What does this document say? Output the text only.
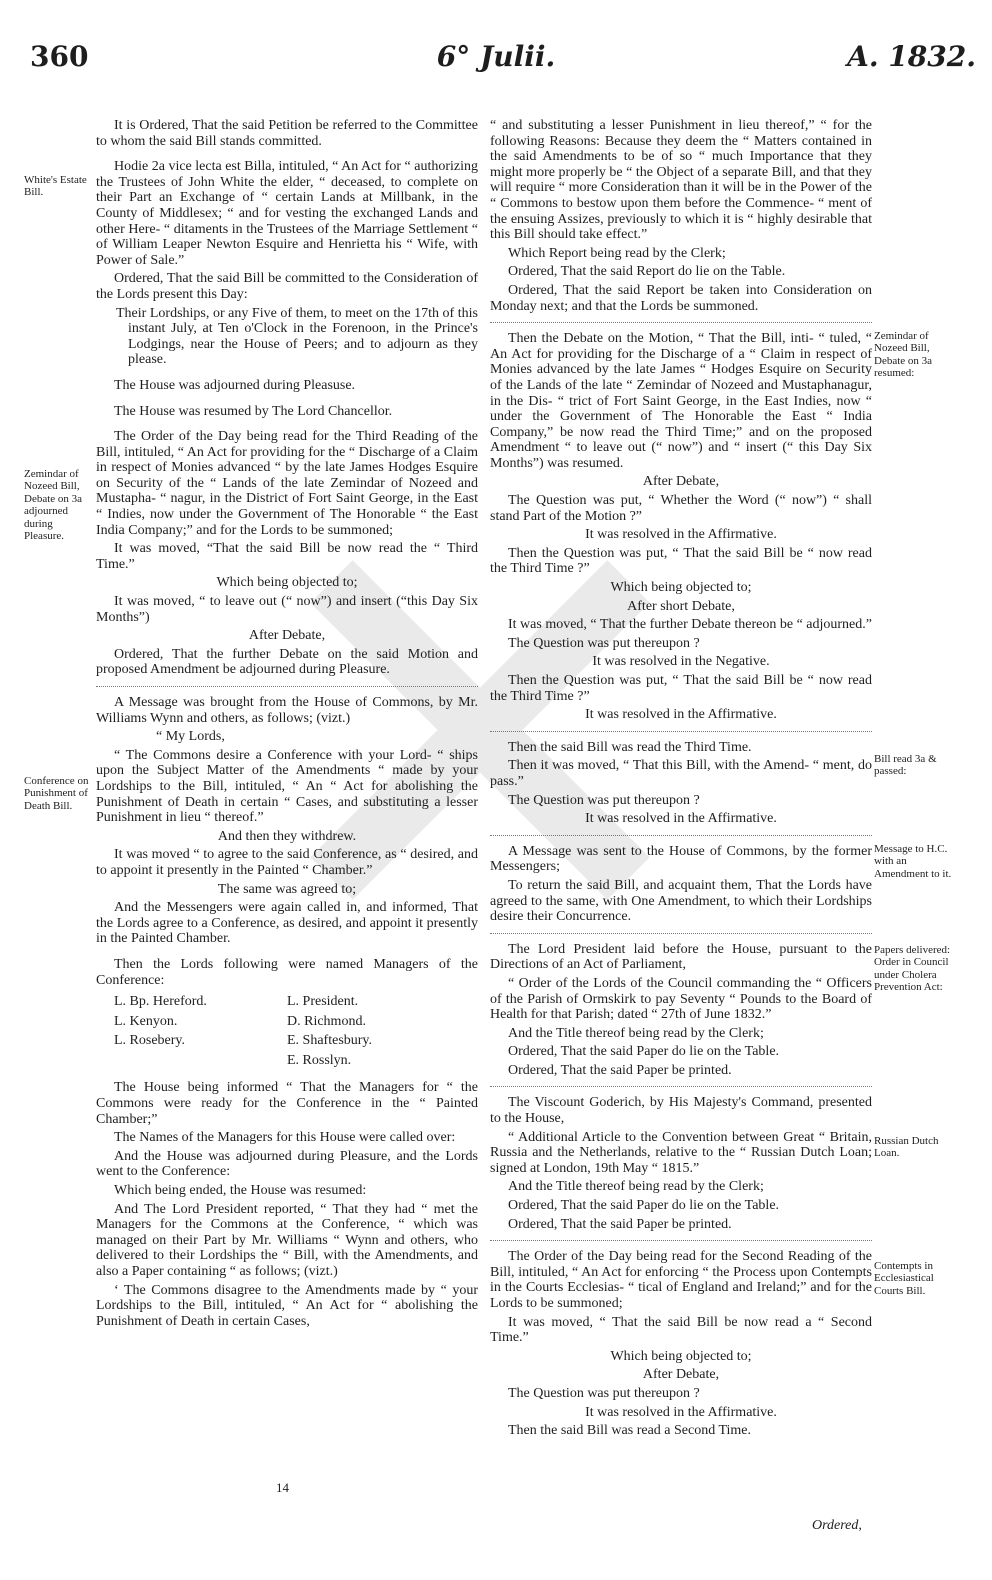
6° Julii.
360	A. 1832.
White's Estate Bill.
Zemindar of Nozeed Bill, Debate on 3a adjourned during Pleasure.
Conference on Punishment of Death Bill.
Zemindar of Nozeed Bill, Debate on 3a resumed:
Bill read 3a & passed:
Message to H.C. with an Amendment to it.
Papers delivered: Order in Council under Cholera Prevention Act:
Russian Dutch Loan.
Contempts in Ecclesiastical Courts Bill.

It is Ordered, That the said Petition be referred to the Committee to whom the said Bill stands committed.

Hodie 2a vice lecta est Billa, intituled, “ An Act for “ authorizing the Trustees of John White the elder, “ deceased, to complete on their Part an Exchange of “ certain Lands at Millbank, in the County of Middlesex; “ and for vesting the exchanged Lands and other Here- “ ditaments in the Trustees of the Marriage Settlement “ of William Leaper Newton Esquire and Henrietta his “ Wife, with Power of Sale.”

Ordered, That the said Bill be committed to the Consideration of the Lords present this Day:

Their Lordships, or any Five of them, to meet on the 17th of this instant July, at Ten o'Clock in the Forenoon, in the Prince's Lodgings, near the House of Peers; and to adjourn as they please.

The House was adjourned during Pleasuse.

The House was resumed by The Lord Chancellor.

The Order of the Day being read for the Third Reading of the Bill, intituled, “ An Act for providing for the “ Discharge of a Claim in respect of Monies advanced “ by the late James Hodges Esquire on Security of the “ Lands of the late Zemindar of Nozeed and Mustapha- “ nagur, in the District of Fort Saint George, in the East “ Indies, now under the Government of The Honorable “ the East India Company;” and for the Lords to be summoned;

It was moved, “That the said Bill be now read the “ Third Time.”

Which being objected to;

It was moved, “ to leave out (“ now”) and insert (“this Day Six Months”)

After Debate,

Ordered, That the further Debate on the said Motion and proposed Amendment be adjourned during Pleasure.

A Message was brought from the House of Commons, by Mr. Williams Wynn and others, as follows; (vizt.)

“ My Lords,

“ The Commons desire a Conference with your Lord- “ ships upon the Subject Matter of the Amendments “ made by your Lordships to the Bill, intituled, “ An “ Act for abolishing the Punishment of Death in certain “ Cases, and substituting a lesser Punishment in lieu “ thereof.”

And then they withdrew.

It was moved “ to agree to the said Conference, as “ desired, and to appoint it presently in the Painted “ Chamber.”

The same was agreed to;

And the Messengers were again called in, and informed, That the Lords agree to a Conference, as desired, and appoint it presently in the Painted Chamber.

Then the Lords following were named Managers of the Conference:

L. Bp. Hereford.
L. Kenyon.
L. Rosebery.
L. President.
D. Richmond.
E. Shaftesbury.
E. Rosslyn.

The House being informed “ That the Managers for “ the Commons were ready for the Conference in the “ Painted Chamber;”

The Names of the Managers for this House were called over:

And the House was adjourned during Pleasure, and the Lords went to the Conference:

Which being ended, the House was resumed:

And The Lord President reported, “ That they had “ met the Managers for the Commons at the Conference, “ which was managed on their Part by Mr. Williams “ Wynn and others, who delivered to their Lordships the “ Bill, with the Amendments, and also a Paper containing “ as follows; (vizt.)

‘ The Commons disagree to the Amendments made by “ your Lordships to the Bill, intituled, “ An Act for “ abolishing the Punishment of Death in certain Cases,

“ and substituting a lesser Punishment in lieu thereof,” “ for the following Reasons: Because they deem the “ Matters contained in the said Amendments to be of so “ much Importance that they might more properly be “ the Object of a separate Bill, and that they will require “ more Consideration than it will be in the Power of the “ Commons to bestow upon them before the Commence- “ ment of the ensuing Assizes, previously to which it is “ highly desirable that this Bill should take effect.”

Which Report being read by the Clerk;

Ordered, That the said Report do lie on the Table.

Ordered, That the said Report be taken into Consideration on Monday next; and that the Lords be summoned.

Then the Debate on the Motion, “ That the Bill, inti- “ tuled, “ An Act for providing for the Discharge of a “ Claim in respect of Monies advanced by the late James “ Hodges Esquire on Security of the Lands of the late “ Zemindar of Nozeed and Mustaphanagur, in the Dis- “ trict of Fort Saint George, in the East Indies, now “ under the Government of The Honorable the East “ India Company,” be now read the Third Time;” and on the proposed Amendment “ to leave out (“ now”) and “ insert (“ this Day Six Months”) was resumed.

After Debate,

The Question was put, “ Whether the Word (“ now”) “ shall stand Part of the Motion ?”

It was resolved in the Affirmative.

Then the Question was put, “ That the said Bill be “ now read the Third Time ?”

Which being objected to;

After short Debate,

It was moved, “ That the further Debate thereon be “ adjourned.”

The Question was put thereupon ?

It was resolved in the Negative.

Then the Question was put, “ That the said Bill be “ now read the Third Time ?”

It was resolved in the Affirmative.

Then the said Bill was read the Third Time.

Then it was moved, “ That this Bill, with the Amend- “ ment, do pass.”

The Question was put thereupon ?

It was resolved in the Affirmative.

A Message was sent to the House of Commons, by the former Messengers;

To return the said Bill, and acquaint them, That the Lords have agreed to the same, with One Amendment, to which their Lordships desire their Concurrence.

The Lord President laid before the House, pursuant to the Directions of an Act of Parliament,

“ Order of the Lords of the Council commanding the “ Officers of the Parish of Ormskirk to pay Seventy “ Pounds to the Board of Health for that Parish; dated “ 27th of June 1832.”

And the Title thereof being read by the Clerk;

Ordered, That the said Paper do lie on the Table.

Ordered, That the said Paper be printed.

The Viscount Goderich, by His Majesty's Command, presented to the House,

“ Additional Article to the Convention between Great “ Britain, Russia and the Netherlands, relative to the “ Russian Dutch Loan; signed at London, 19th May “ 1815.”

And the Title thereof being read by the Clerk;

Ordered, That the said Paper do lie on the Table.

Ordered, That the said Paper be printed.

The Order of the Day being read for the Second Reading of the Bill, intituled, “ An Act for enforcing “ the Process upon Contempts in the Courts Ecclesias- “ tical of England and Ireland;” and for the Lords to be summoned;

It was moved, “ That the said Bill be now read a “ Second Time.”

Which being objected to;

After Debate,

The Question was put thereupon ?

It was resolved in the Affirmative.

Then the said Bill was read a Second Time.

14
Ordered,
